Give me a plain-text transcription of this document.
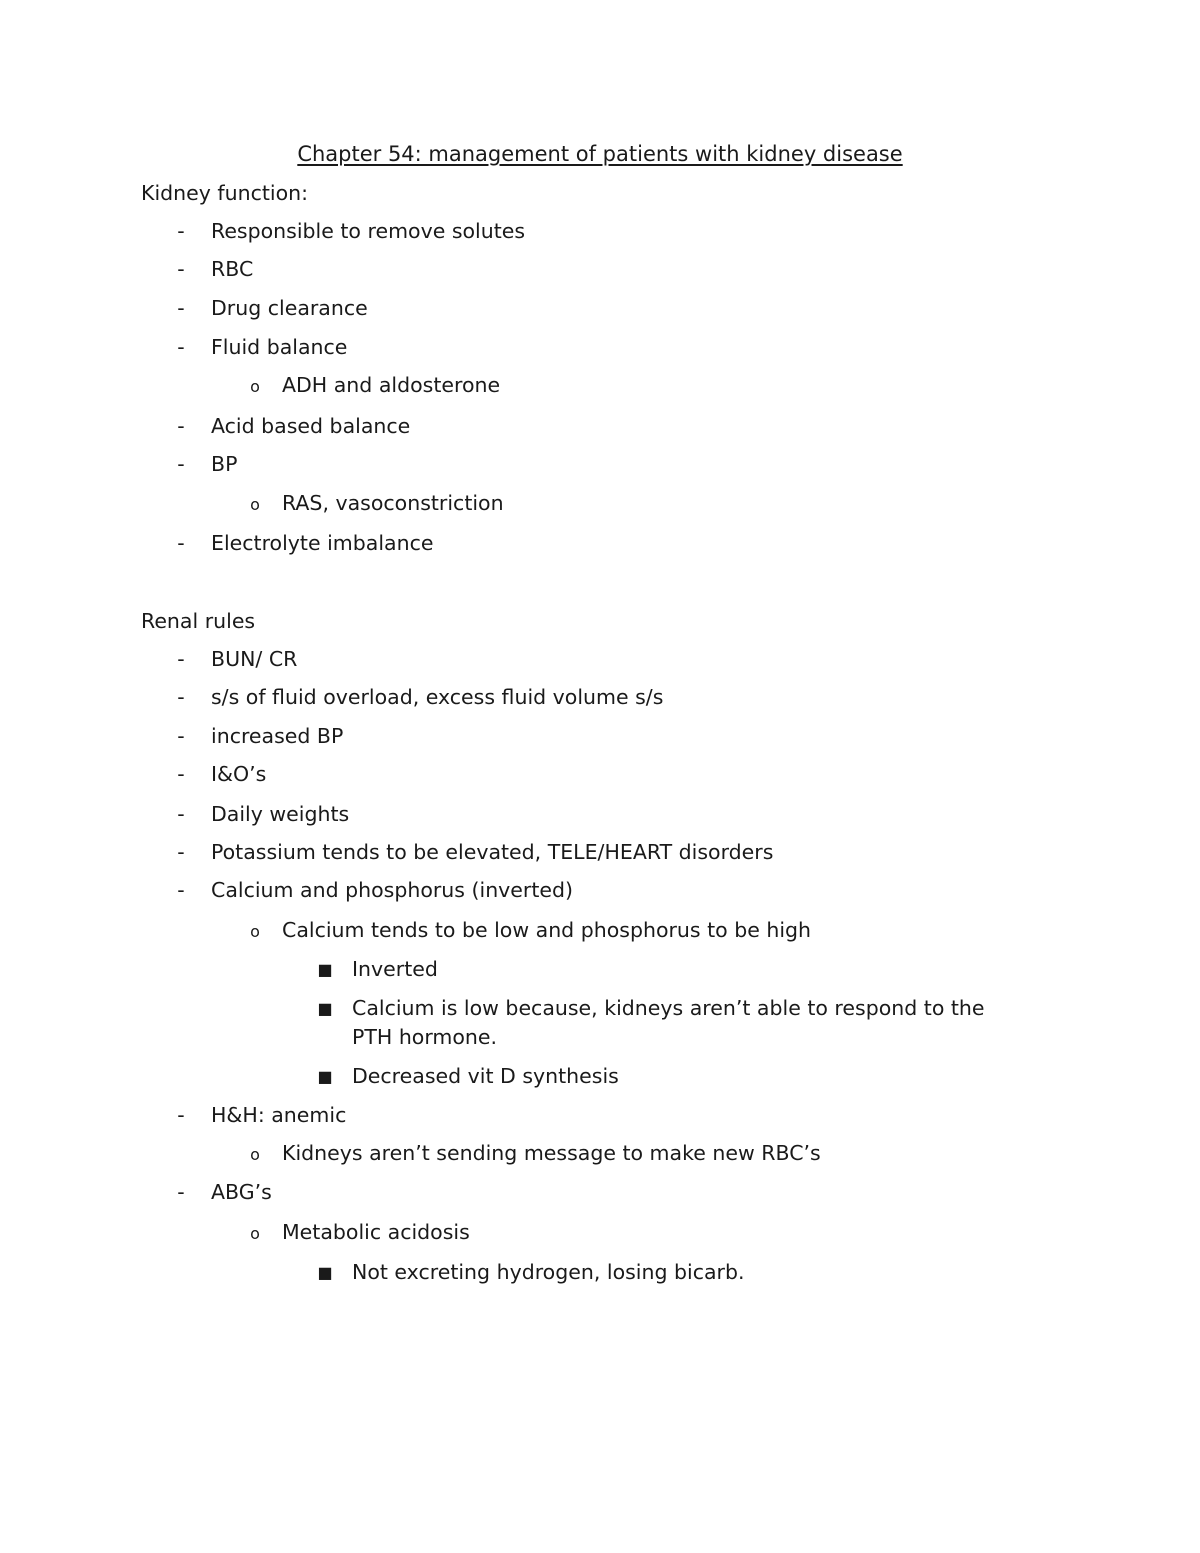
Chapter 54: management of patients with kidney disease
Kidney function:
- Responsible to remove solutes
- RBC
- Drug clearance
- Fluid balance
o ADH and aldosterone
- Acid based balance
- BP
o RAS, vasoconstriction
- Electrolyte imbalance
Renal rules
- BUN/ CR
- s/s of fluid overload, excess fluid volume s/s
- increased BP
- I&O’s
- Daily weights
- Potassium tends to be elevated, TELE/HEART disorders
- Calcium and phosphorus (inverted)
o Calcium tends to be low and phosphorus to be high
■ Inverted
■ Calcium is low because, kidneys aren’t able to respond to the
PTH hormone.
■ Decreased vit D synthesis
- H&H: anemic
o Kidneys aren’t sending message to make new RBC’s
- ABG’s
o Metabolic acidosis
■ Not excreting hydrogen, losing bicarb.
